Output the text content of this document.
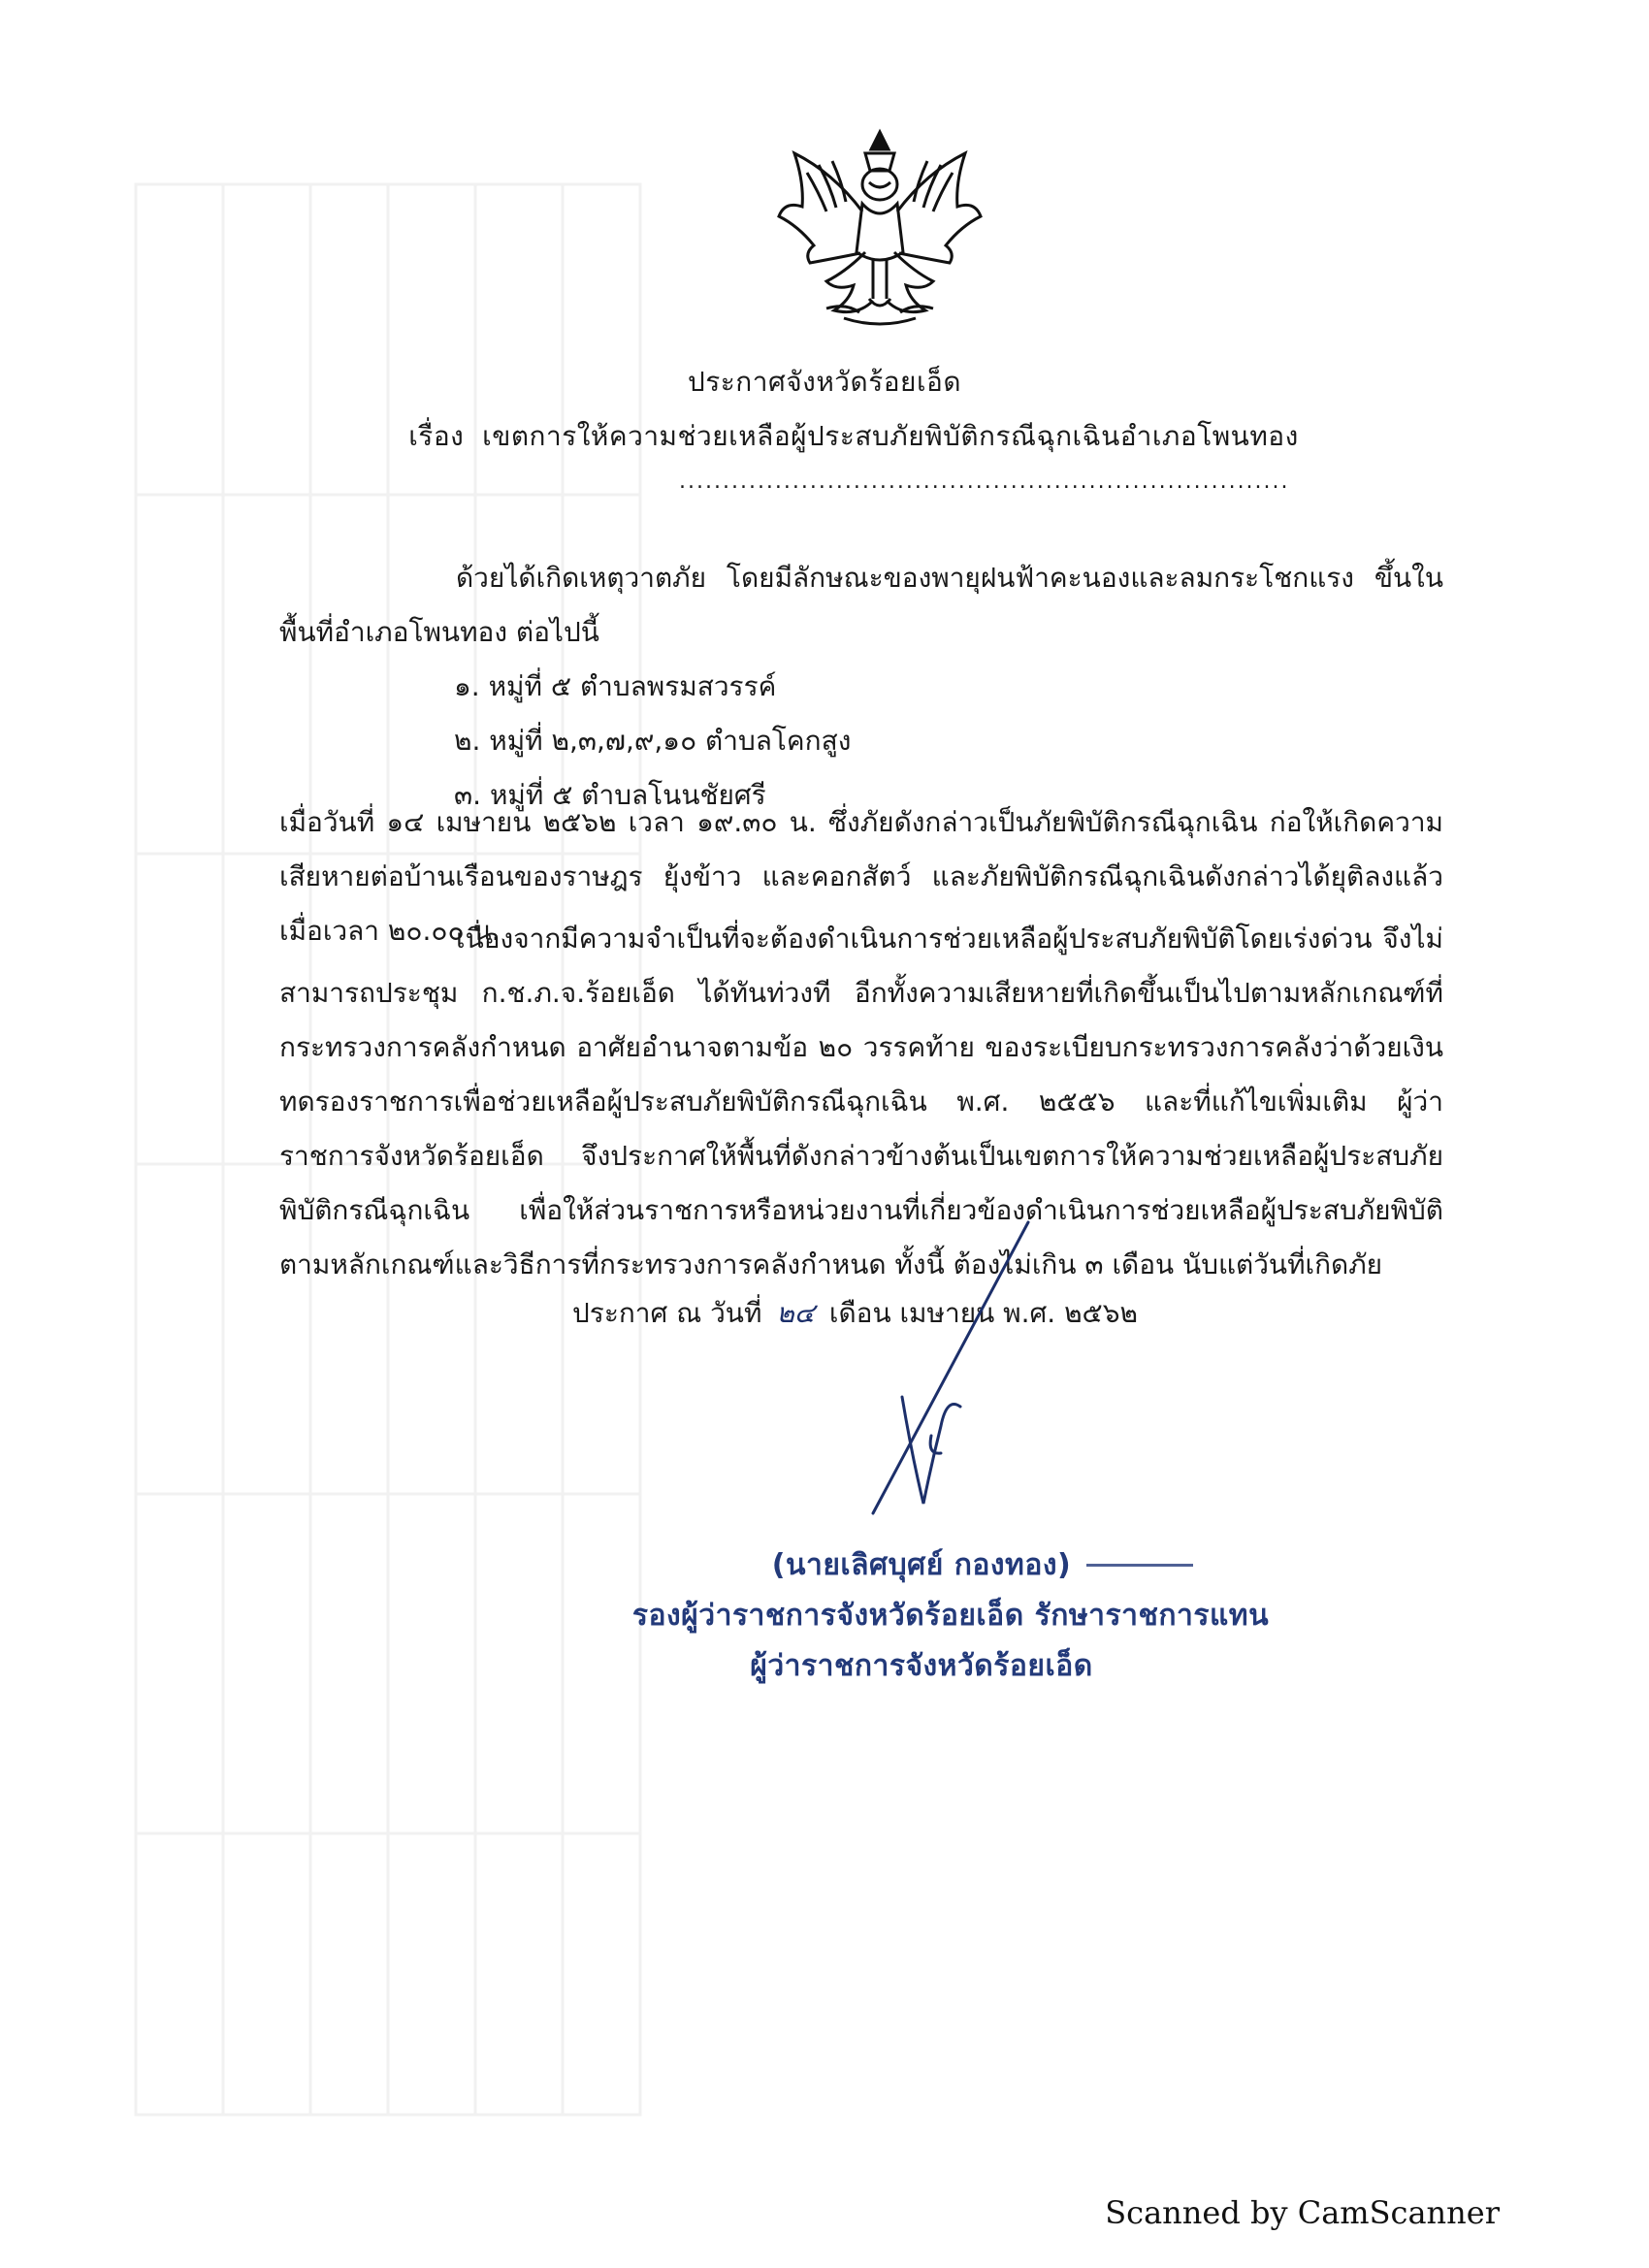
ประกาศจังหวัดร้อยเอ็ด
เรื่อง เขตการให้ความช่วยเหลือผู้ประสบภัยพิบัติกรณีฉุกเฉินอำเภอโพนทอง
......................................................................
ด้วยได้เกิดเหตุวาตภัย โดยมีลักษณะของพายุฝนฟ้าคะนองและลมกระโชกแรง ขึ้นในพื้นที่อำเภอโพนทอง ต่อไปนี้
๑. หมู่ที่ ๕ ตำบลพรมสวรรค์
๒. หมู่ที่ ๒,๓,๗,๙,๑๐ ตำบลโคกสูง
๓. หมู่ที่ ๕ ตำบลโนนชัยศรี
เมื่อวันที่ ๑๔ เมษายน ๒๕๖๒ เวลา ๑๙.๓๐ น. ซึ่งภัยดังกล่าวเป็นภัยพิบัติกรณีฉุกเฉิน ก่อให้เกิดความเสียหายต่อบ้านเรือนของราษฎร ยุ้งข้าว และคอกสัตว์ และภัยพิบัติกรณีฉุกเฉินดังกล่าวได้ยุติลงแล้ว เมื่อเวลา ๒๐.๐๐ น.
เนื่องจากมีความจำเป็นที่จะต้องดำเนินการช่วยเหลือผู้ประสบภัยพิบัติโดยเร่งด่วน จึงไม่สามารถประชุม ก.ช.ภ.จ.ร้อยเอ็ด ได้ทันท่วงที อีกทั้งความเสียหายที่เกิดขึ้นเป็นไปตามหลักเกณฑ์ที่กระทรวงการคลังกำหนด อาศัยอำนาจตามข้อ ๒๐ วรรคท้าย ของระเบียบกระทรวงการคลังว่าด้วยเงินทดรองราชการเพื่อช่วยเหลือผู้ประสบภัยพิบัติกรณีฉุกเฉิน พ.ศ. ๒๕๕๖ และที่แก้ไขเพิ่มเติม ผู้ว่าราชการจังหวัดร้อยเอ็ด จึงประกาศให้พื้นที่ดังกล่าวข้างต้นเป็นเขตการให้ความช่วยเหลือผู้ประสบภัยพิบัติกรณีฉุกเฉิน เพื่อให้ส่วนราชการหรือหน่วยงานที่เกี่ยวข้องดำเนินการช่วยเหลือผู้ประสบภัยพิบัติตามหลักเกณฑ์และวิธีการที่กระทรวงการคลังกำหนด ทั้งนี้ ต้องไม่เกิน ๓ เดือน นับแต่วันที่เกิดภัย
ประกาศ ณ วันที่ ๒๔ เดือน เมษายน พ.ศ. ๒๕๖๒
(นายเลิศบุศย์ กองทอง)
รองผู้ว่าราชการจังหวัดร้อยเอ็ด รักษาราชการแทน
ผู้ว่าราชการจังหวัดร้อยเอ็ด
Scanned by CamScanner
